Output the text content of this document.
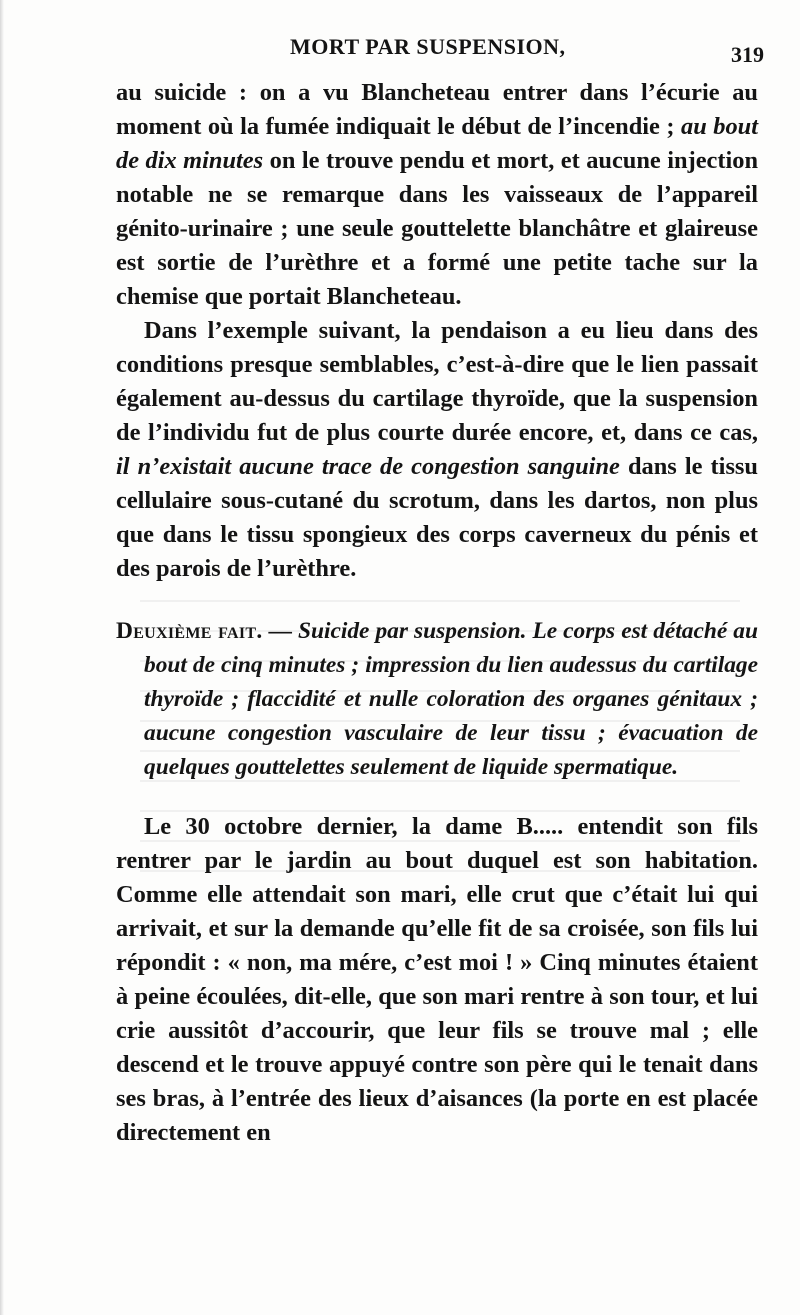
MORT PAR SUSPENSION,	319

au suicide : on a vu Blancheteau entrer dans l’écurie au moment où la fumée indiquait le début de l’incendie ; au bout de dix minutes on le trouve pendu et mort, et aucune injection notable ne se remarque dans les vaisseaux de l’appareil génito-urinaire ; une seule gouttelette blanchâtre et glaireuse est sortie de l’urèthre et a formé une petite tache sur la chemise que portait Blancheteau.

Dans l’exemple suivant, la pendaison a eu lieu dans des conditions presque semblables, c’est-à-dire que le lien passait également au-dessus du cartilage thyroïde, que la suspension de l’individu fut de plus courte durée encore, et, dans ce cas, il n’existait aucune trace de congestion sanguine dans le tissu cellulaire sous-cutané du scrotum, dans les dartos, non plus que dans le tissu spongieux des corps caverneux du pénis et des parois de l’urèthre.

Deuxième fait. — Suicide par suspension. Le corps est détaché au bout de cinq minutes ; impression du lien audessus du cartilage thyroïde ; flaccidité et nulle coloration des organes génitaux ; aucune congestion vasculaire de leur tissu ; évacuation de quelques gouttelettes seulement de liquide spermatique.

Le 30 octobre dernier, la dame B..... entendit son fils rentrer par le jardin au bout duquel est son habitation. Comme elle attendait son mari, elle crut que c’était lui qui arrivait, et sur la demande qu’elle fit de sa croisée, son fils lui répondit : « non, ma mére, c’est moi ! » Cinq minutes étaient à peine écoulées, dit-elle, que son mari rentre à son tour, et lui crie aussitôt d’accourir, que leur fils se trouve mal ; elle descend et le trouve appuyé contre son père qui le tenait dans ses bras, à l’entrée des lieux d’aisances (la porte en est placée directement en
